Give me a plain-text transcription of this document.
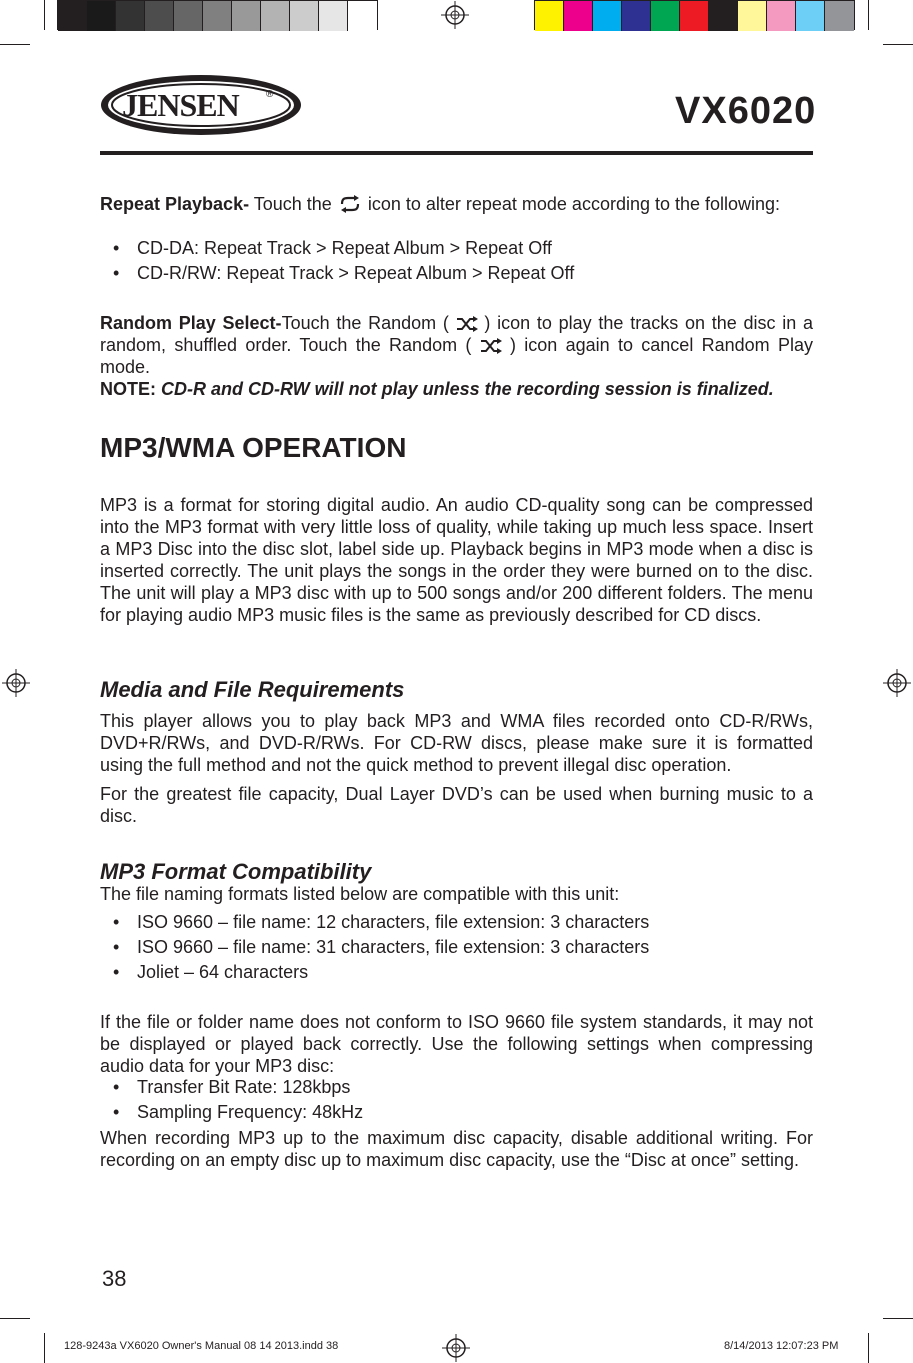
JENSEN	®	VX6020
Repeat Playback- Touch the  icon to alter repeat mode according to the following:
• CD-DA: Repeat Track > Repeat Album > Repeat Off
• CD-R/RW: Repeat Track > Repeat Album > Repeat Off
Random Play Select-Touch the Random (  ) icon to play the tracks on the disc in a random, shuffled order. Touch the Random (  ) icon again to cancel Random Play mode.
NOTE: CD-R and CD-RW will not play unless the recording session is finalized.
MP3/WMA OPERATION
MP3 is a format for storing digital audio. An audio CD-quality song can be compressed into the MP3 format with very little loss of quality, while taking up much less space. Insert a MP3 Disc into the disc slot, label side up. Playback begins in MP3 mode when a disc is inserted correctly. The unit plays the songs in the order they were burned on to the disc. The unit will play a MP3 disc with up to 500 songs and/or 200 different folders. The menu for playing audio MP3 music files is the same as previously described for CD discs.
Media and File Requirements
This player allows you to play back MP3 and WMA files recorded onto CD-R/RWs, DVD+R/RWs, and DVD-R/RWs. For CD-RW discs, please make sure it is formatted using the full method and not the quick method to prevent illegal disc operation.
For the greatest file capacity, Dual Layer DVD’s can be used when burning music to a disc.
MP3 Format Compatibility
The file naming formats listed below are compatible with this unit:
• ISO 9660 – file name: 12 characters, file extension: 3 characters
• ISO 9660 – file name: 31 characters, file extension: 3 characters
• Joliet – 64 characters
If the file or folder name does not conform to ISO 9660 file system standards, it may not be displayed or played back correctly. Use the following settings when compressing audio data for your MP3 disc:
• Transfer Bit Rate: 128kbps
• Sampling Frequency: 48kHz
When recording MP3 up to the maximum disc capacity, disable additional writing. For recording on an empty disc up to maximum disc capacity, use the “Disc at once” setting.
38
128-9243a VX6020 Owner's Manual 08 14 2013.indd 38	8/14/2013 12:07:23 PM
